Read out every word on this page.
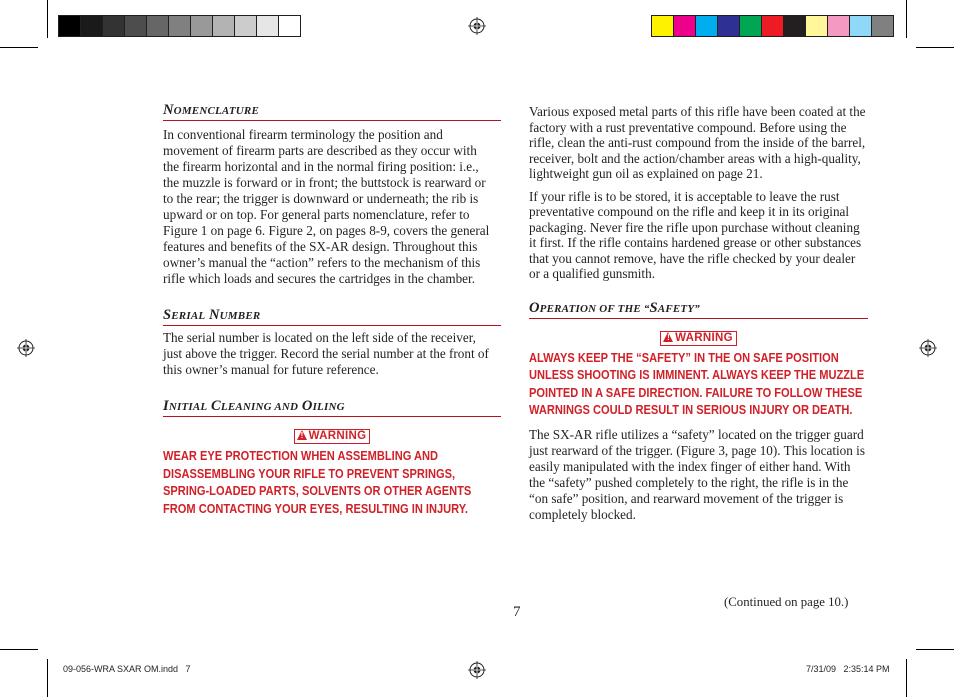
NOMENCLATURE

In conventional firearm terminology the position and movement of firearm parts are described as they occur with the firearm horizontal and in the normal firing position: i.e., the muzzle is forward or in front; the buttstock is rearward or to the rear; the trigger is downward or underneath; the rib is upward or on top. For general parts nomenclature, refer to Figure 1 on page 6. Figure 2, on pages 8-9, covers the general features and benefits of the SX-AR design. Throughout this owner’s manual the “action” refers to the mechanism of this rifle which loads and secures the cartridges in the chamber.

SERIAL NUMBER

The serial number is located on the left side of the receiver, just above the trigger. Record the serial number at the front of this owner’s manual for future reference.

INITIAL CLEANING AND OILING
! WARNING

WEAR EYE PROTECTION WHEN ASSEMBLING AND DISASSEMBLING YOUR RIFLE TO PREVENT SPRINGS, SPRING-LOADED PARTS, SOLVENTS OR OTHER AGENTS FROM CONTACTING YOUR EYES, RESULTING IN INJURY.

Various exposed metal parts of this rifle have been coated at the factory with a rust preventative compound. Before using the rifle, clean the anti-rust compound from the inside of the barrel, receiver, bolt and the action/chamber areas with a high-quality, lightweight gun oil as explained on page 21.

If your rifle is to be stored, it is acceptable to leave the rust preventative compound on the rifle and keep it in its original packaging. Never fire the rifle upon purchase without cleaning it first. If the rifle contains hardened grease or other substances that you cannot remove, have the rifle checked by your dealer or a qualified gunsmith.

OPERATION OF THE “SAFETY”
! WARNING

ALWAYS KEEP THE “SAFETY” IN THE ON SAFE POSITION UNLESS SHOOTING IS IMMINENT. ALWAYS KEEP THE MUZZLE POINTED IN A SAFE DIRECTION. FAILURE TO FOLLOW THESE WARNINGS COULD RESULT IN SERIOUS INJURY OR DEATH.

The SX-AR rifle utilizes a “safety” located on the trigger guard just rearward of the trigger. (Figure 3, page 10). This location is easily manipulated with the index finger of either hand. With the “safety” pushed completely to the right, the rifle is in the “on safe” position, and rearward movement of the trigger is completely blocked.

(Continued on page 10.)
7
09-056-WRA SXAR OM.indd   7	7/31/09   2:35:14 PM
